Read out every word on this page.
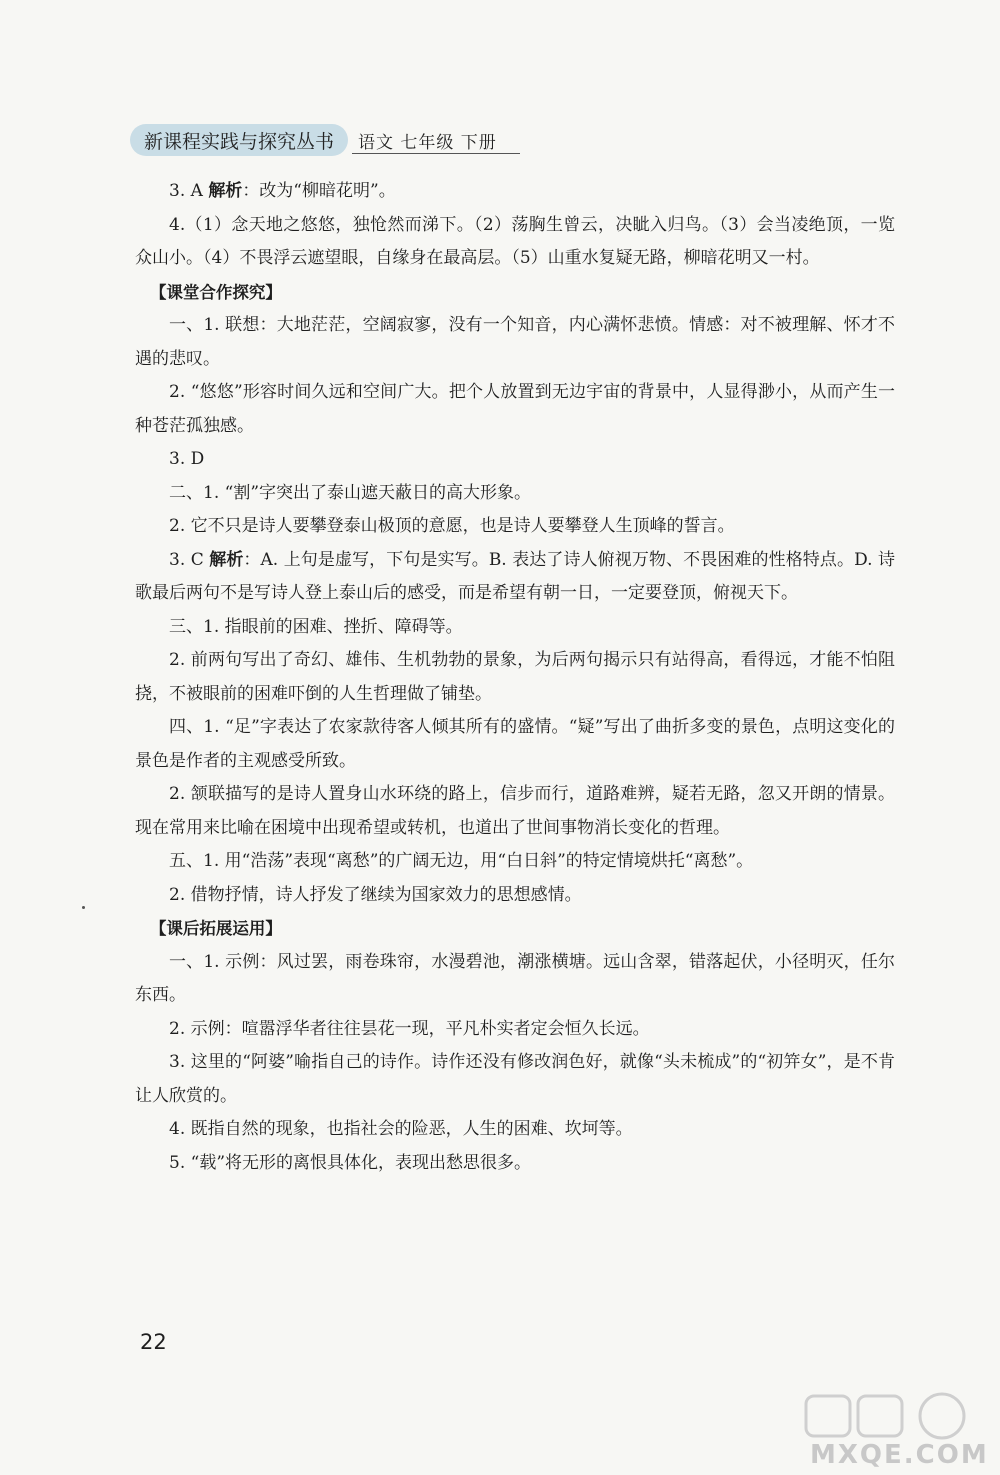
新课程实践与探究丛书	语文 七年级 下册

3. A 解析：改为“柳暗花明”。

4.（1）念天地之悠悠，独怆然而涕下。（2）荡胸生曾云，决眦入归鸟。（3）会当凌绝顶，一览众山小。（4）不畏浮云遮望眼，自缘身在最高层。（5）山重水复疑无路，柳暗花明又一村。

【课堂合作探究】

一、1. 联想：大地茫茫，空阔寂寥，没有一个知音，内心满怀悲愤。情感：对不被理解、怀才不遇的悲叹。

2. “悠悠”形容时间久远和空间广大。把个人放置到无边宇宙的背景中，人显得渺小，从而产生一种苍茫孤独感。

3. D

二、1. “割”字突出了泰山遮天蔽日的高大形象。

2. 它不只是诗人要攀登泰山极顶的意愿，也是诗人要攀登人生顶峰的誓言。

3. C 解析：A. 上句是虚写，下句是实写。B. 表达了诗人俯视万物、不畏困难的性格特点。D. 诗歌最后两句不是写诗人登上泰山后的感受，而是希望有朝一日，一定要登顶，俯视天下。

三、1. 指眼前的困难、挫折、障碍等。

2. 前两句写出了奇幻、雄伟、生机勃勃的景象，为后两句揭示只有站得高，看得远，才能不怕阻挠，不被眼前的困难吓倒的人生哲理做了铺垫。

四、1. “足”字表达了农家款待客人倾其所有的盛情。“疑”写出了曲折多变的景色，点明这变化的景色是作者的主观感受所致。

2. 颔联描写的是诗人置身山水环绕的路上，信步而行，道路难辨，疑若无路，忽又开朗的情景。现在常用来比喻在困境中出现希望或转机，也道出了世间事物消长变化的哲理。

五、1. 用“浩荡”表现“离愁”的广阔无边，用“白日斜”的特定情境烘托“离愁”。

2. 借物抒情，诗人抒发了继续为国家效力的思想感情。

【课后拓展运用】

一、1. 示例：风过罢，雨卷珠帘，水漫碧池，潮涨横塘。远山含翠，错落起伏，小径明灭，任尔东西。

2. 示例：喧嚣浮华者往往昙花一现，平凡朴实者定会恒久长远。

3. 这里的“阿婆”喻指自己的诗作。诗作还没有修改润色好，就像“头未梳成”的“初笄女”，是不肯让人欣赏的。

4. 既指自然的现象，也指社会的险恶，人生的困难、坎坷等。

5. “载”将无形的离恨具体化，表现出愁思很多。

22
MXQE.COM
